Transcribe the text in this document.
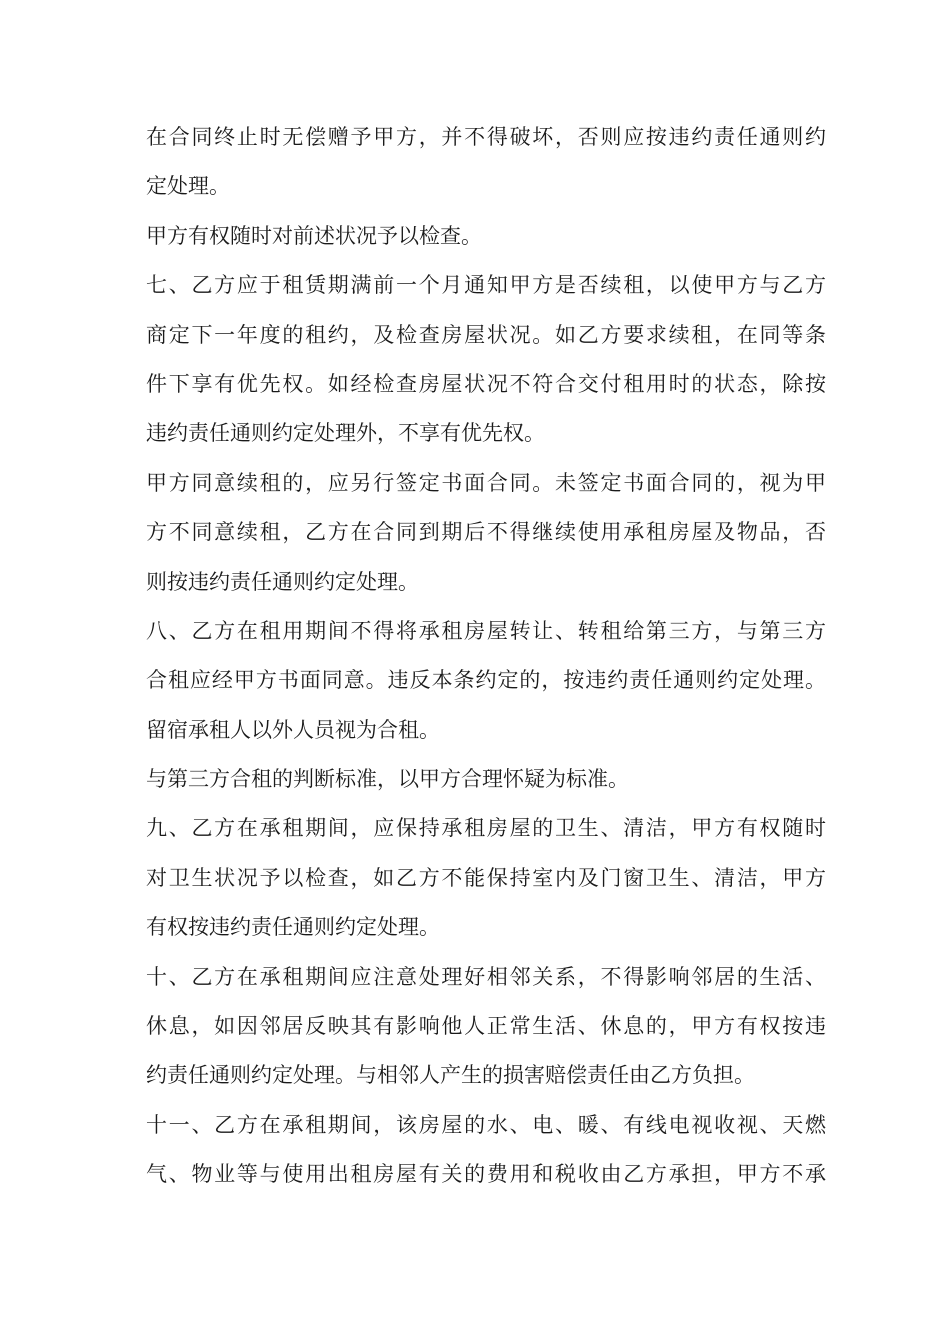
在合同终止时无偿赠予甲方，并不得破坏，否则应按违约责任通则约
定处理。
甲方有权随时对前述状况予以检查。
七、乙方应于租赁期满前一个月通知甲方是否续租，以使甲方与乙方
商定下一年度的租约，及检查房屋状况。如乙方要求续租，在同等条
件下享有优先权。如经检查房屋状况不符合交付租用时的状态，除按
违约责任通则约定处理外，不享有优先权。
甲方同意续租的，应另行签定书面合同。未签定书面合同的，视为甲
方不同意续租，乙方在合同到期后不得继续使用承租房屋及物品，否
则按违约责任通则约定处理。
八、乙方在租用期间不得将承租房屋转让、转租给第三方，与第三方
合租应经甲方书面同意。违反本条约定的，按违约责任通则约定处理。
留宿承租人以外人员视为合租。
与第三方合租的判断标准，以甲方合理怀疑为标准。
九、乙方在承租期间，应保持承租房屋的卫生、清洁，甲方有权随时
对卫生状况予以检查，如乙方不能保持室内及门窗卫生、清洁，甲方
有权按违约责任通则约定处理。
十、乙方在承租期间应注意处理好相邻关系，不得影响邻居的生活、
休息，如因邻居反映其有影响他人正常生活、休息的，甲方有权按违
约责任通则约定处理。与相邻人产生的损害赔偿责任由乙方负担。
十一、乙方在承租期间，该房屋的水、电、暖、有线电视收视、天燃
气、物业等与使用出租房屋有关的费用和税收由乙方承担，甲方不承
